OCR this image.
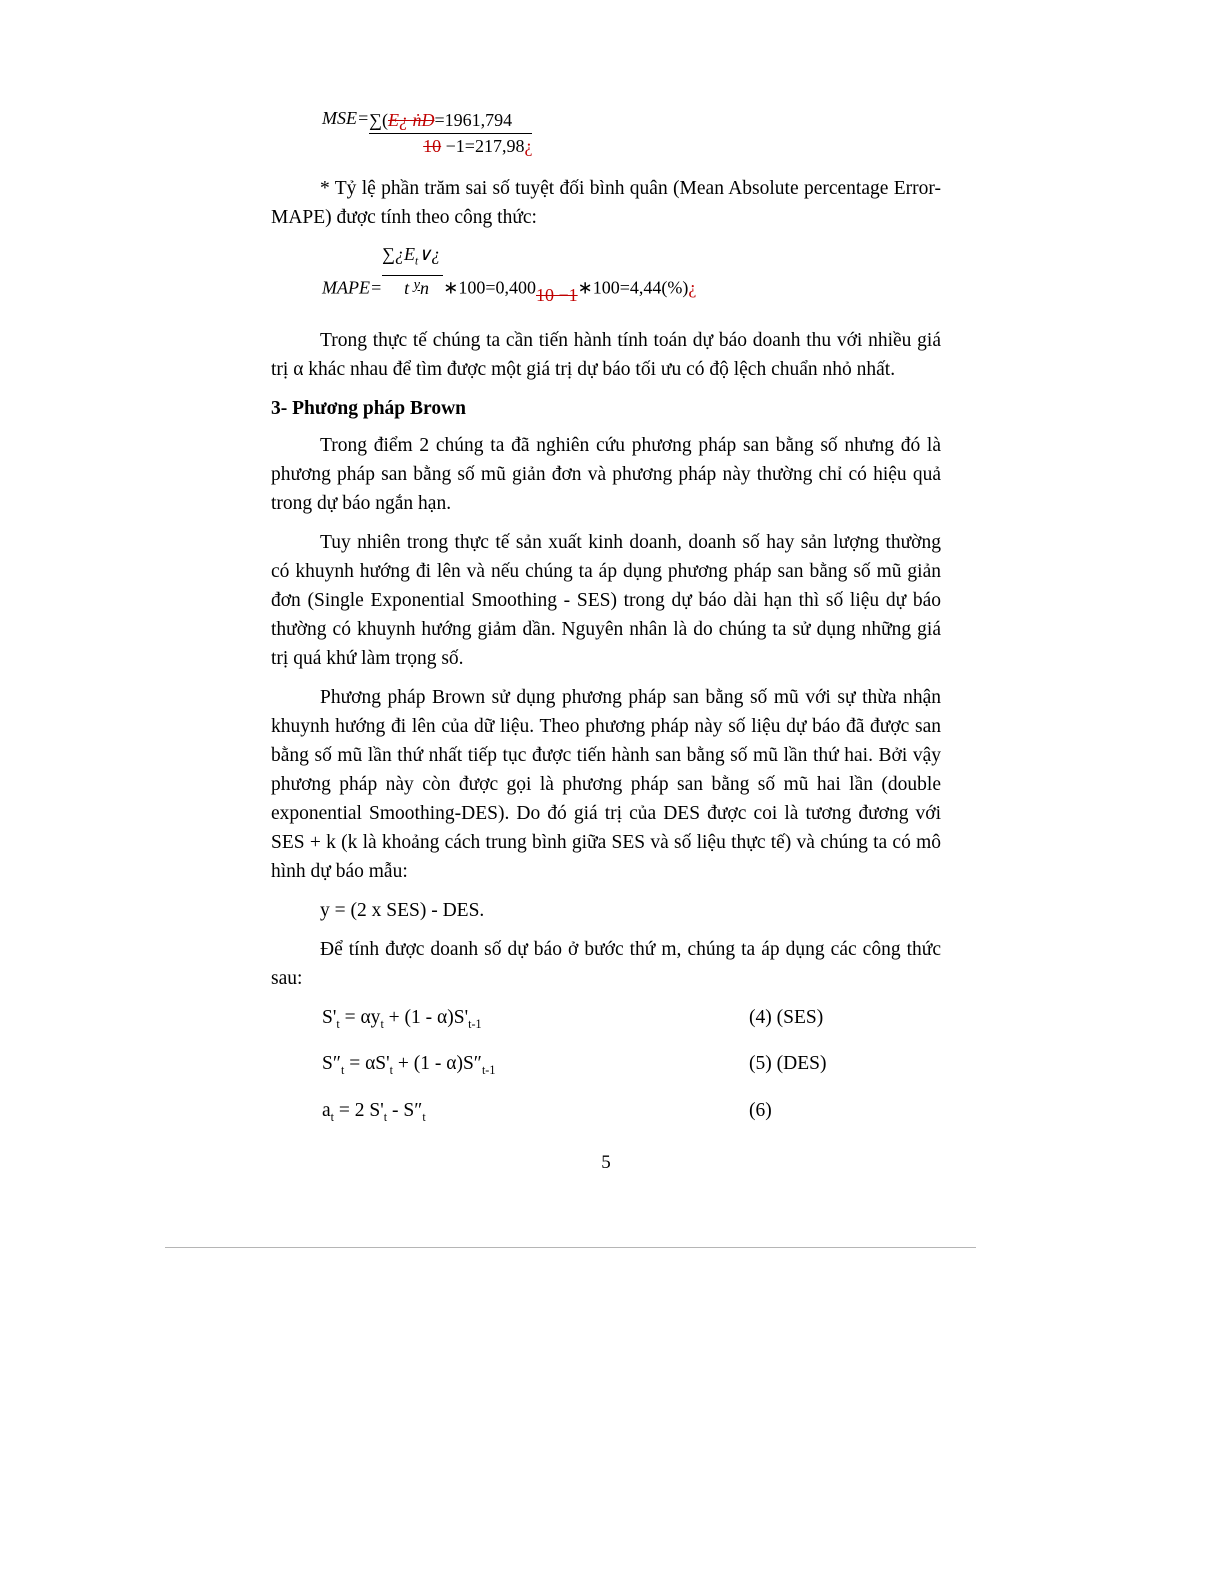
$MSE= \frac{\text{∑(E¿ ṅÐ=1961,794}}{10 -1=217,98¿}$

* Tỷ lệ phần trăm sai số tuyệt đối bình quân (Mean Absolute percentage Error-MAPE) được tính theo công thức:

MAPE= $\frac{\sum¿E_t\vee¿}{t ^yn}$ ∗100=0,40010 −1∗100=4,44(%)¿

Trong thực tế chúng ta cần tiến hành tính toán dự báo doanh thu với nhiều giá trị α khác nhau để tìm được một giá trị dự báo tối ưu có độ lệch chuẩn nhỏ nhất.

3- Phương pháp Brown

Trong điểm 2 chúng ta đã nghiên cứu phương pháp san bằng số nhưng đó là phương pháp san bằng số mũ giản đơn và phương pháp này thường chỉ có hiệu quả trong dự báo ngắn hạn.

Tuy nhiên trong thực tế sản xuất kinh doanh, doanh số hay sản lượng thường có khuynh hướng đi lên và nếu chúng ta áp dụng phương pháp san bằng số mũ giản đơn (Single Exponential Smoothing - SES) trong dự báo dài hạn thì số liệu dự báo thường có khuynh hướng giảm dần. Nguyên nhân là do chúng ta sử dụng những giá trị quá khứ làm trọng số.

Phương pháp Brown sử dụng phương pháp san bằng số mũ với sự thừa nhận khuynh hướng đi lên của dữ liệu. Theo phương pháp này số liệu dự báo đã được san bằng số mũ lần thứ nhất tiếp tục được tiến hành san bằng số mũ lần thứ hai. Bởi vậy phương pháp này còn được gọi là phương pháp san bằng số mũ hai lần (double exponential Smoothing-DES). Do đó giá trị của DES được coi là tương đương với SES + k (k là khoảng cách trung bình giữa SES và số liệu thực tế) và chúng ta có mô hình dự báo mẫu:

y = (2 x SES) - DES.

Để tính được doanh số dự báo ở bước thứ m, chúng ta áp dụng các công thức sau:

$S'_t = \alpha y_t + (1 - \alpha)S'_{t-1}$	(4) (SES)
$S''_t = \alpha S'_t + (1 - \alpha)S''_{t-1}$	(5) (DES)
$a_t = 2$ $S'_t - S''_t$	(6)
5
